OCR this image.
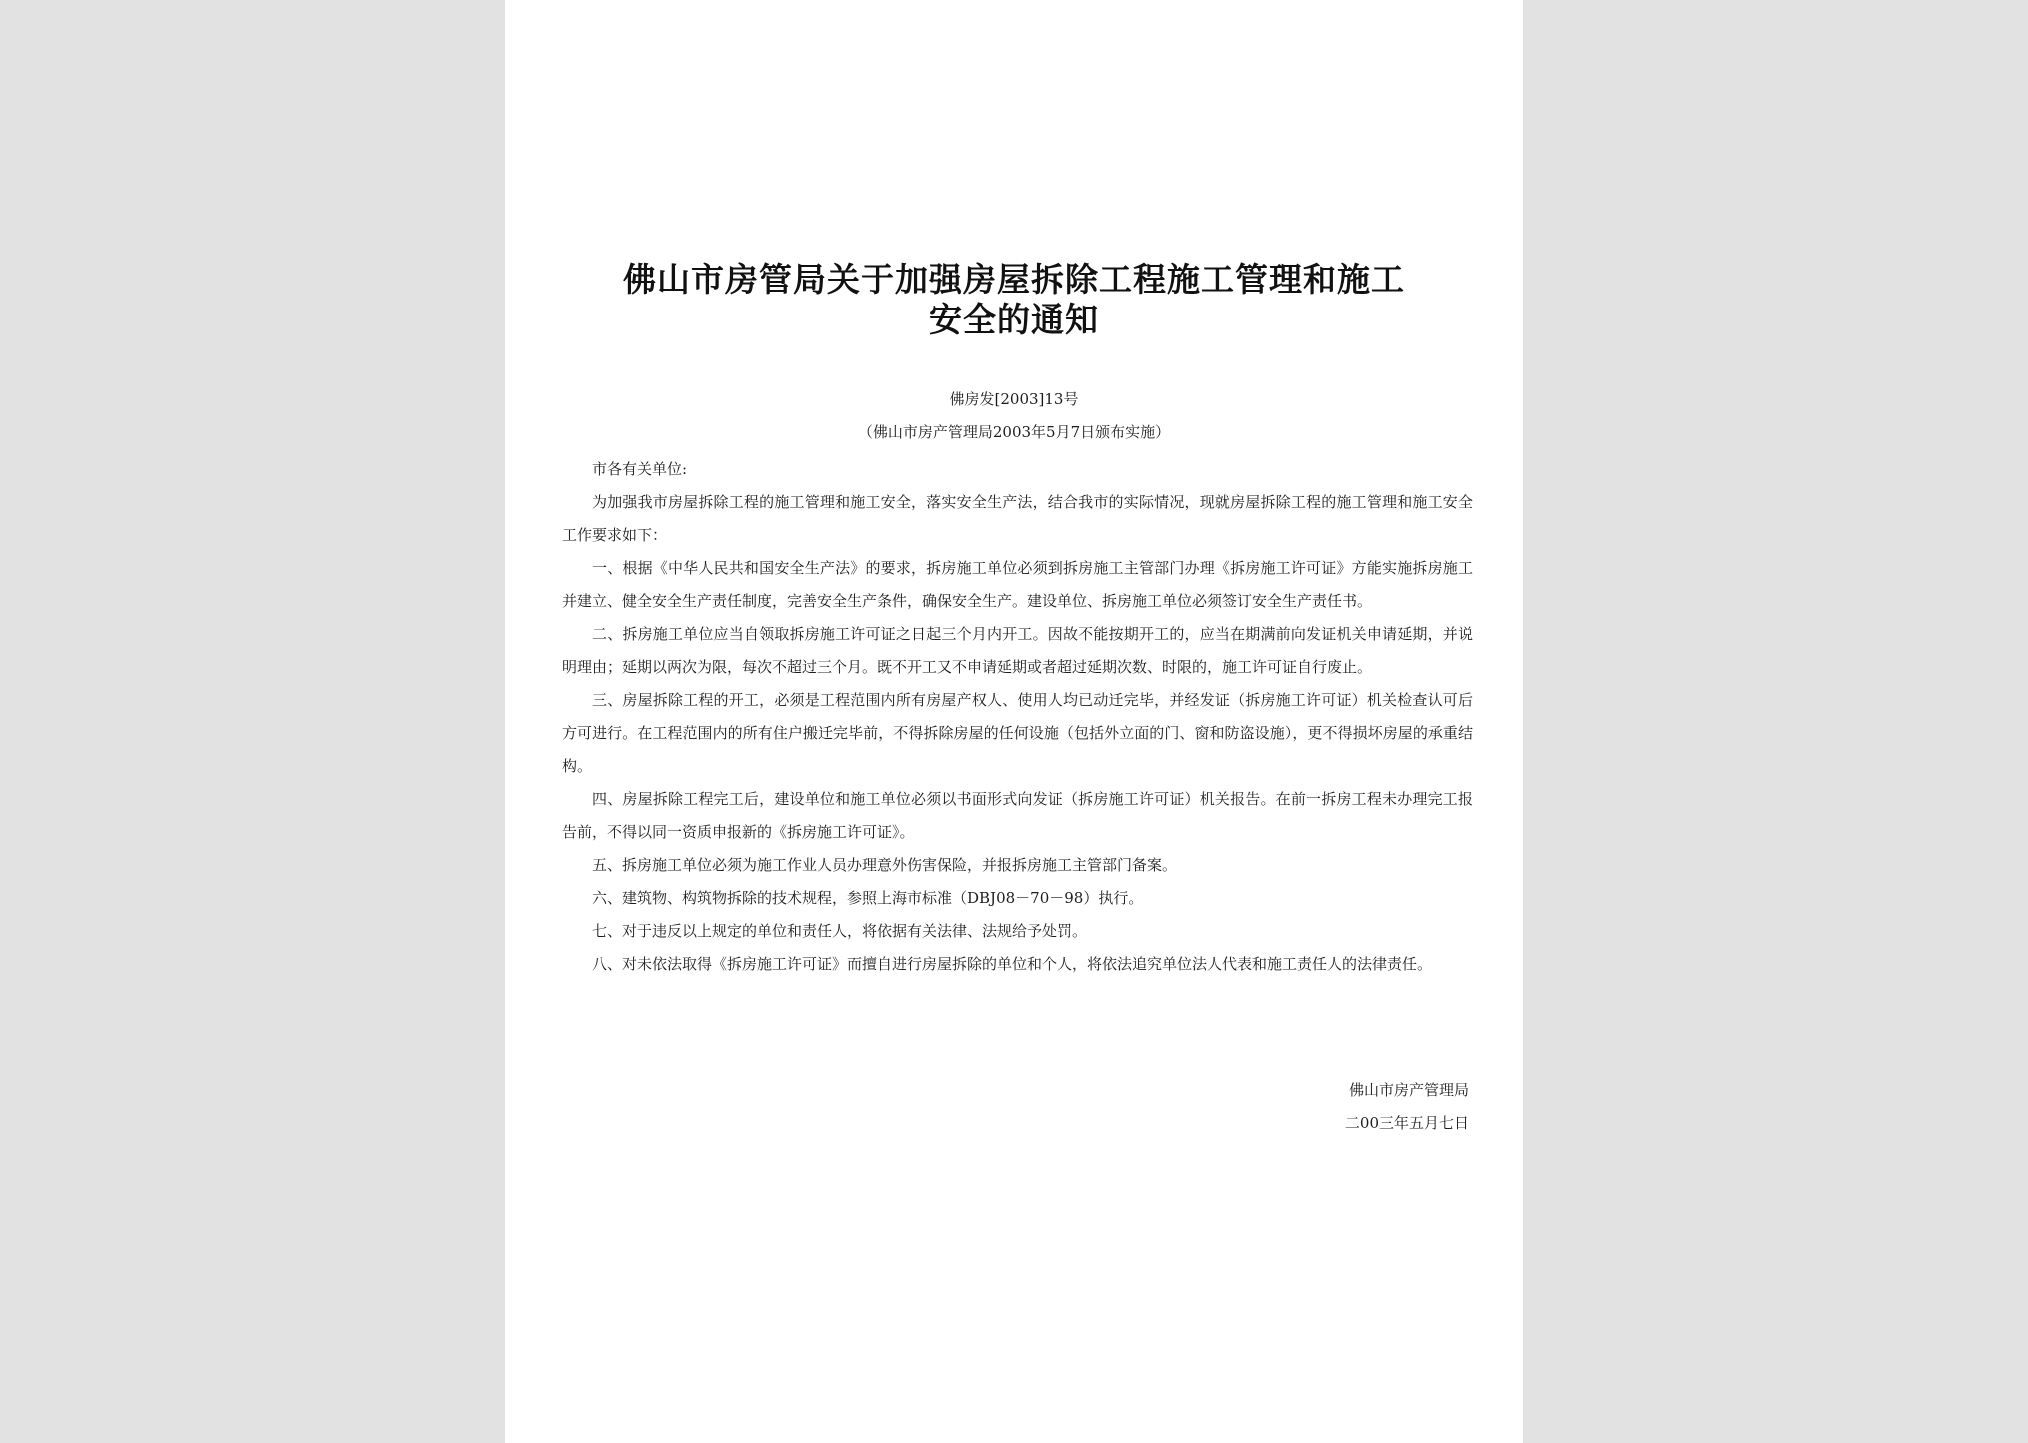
佛山市房管局关于加强房屋拆除工程施工管理和施工
安全的通知
佛房发[2003]13号
（佛山市房产管理局2003年5月7日颁布实施）

市各有关单位:

为加强我市房屋拆除工程的施工管理和施工安全，落实安全生产法，结合我市的实际情况，现就房屋拆除工程的施工管理和施工安全工作要求如下：

一、根据《中华人民共和国安全生产法》的要求，拆房施工单位必须到拆房施工主管部门办理《拆房施工许可证》方能实施拆房施工并建立、健全安全生产责任制度，完善安全生产条件，确保安全生产。建设单位、拆房施工单位必须签订安全生产责任书。

二、拆房施工单位应当自领取拆房施工许可证之日起三个月内开工。因故不能按期开工的，应当在期满前向发证机关申请延期，并说明理由；延期以两次为限，每次不超过三个月。既不开工又不申请延期或者超过延期次数、时限的，施工许可证自行废止。

三、房屋拆除工程的开工，必须是工程范围内所有房屋产权人、使用人均已动迁完毕，并经发证（拆房施工许可证）机关检查认可后方可进行。在工程范围内的所有住户搬迁完毕前，不得拆除房屋的任何设施（包括外立面的门、窗和防盗设施），更不得损坏房屋的承重结构。

四、房屋拆除工程完工后，建设单位和施工单位必须以书面形式向发证（拆房施工许可证）机关报告。在前一拆房工程未办理完工报告前，不得以同一资质申报新的《拆房施工许可证》。

五、拆房施工单位必须为施工作业人员办理意外伤害保险，并报拆房施工主管部门备案。

六、建筑物、构筑物拆除的技术规程，参照上海市标准（DBJ08－70－98）执行。

七、对于违反以上规定的单位和责任人，将依据有关法律、法规给予处罚。

八、对未依法取得《拆房施工许可证》而擅自进行房屋拆除的单位和个人，将依法追究单位法人代表和施工责任人的法律责任。

佛山市房产管理局
二00三年五月七日
